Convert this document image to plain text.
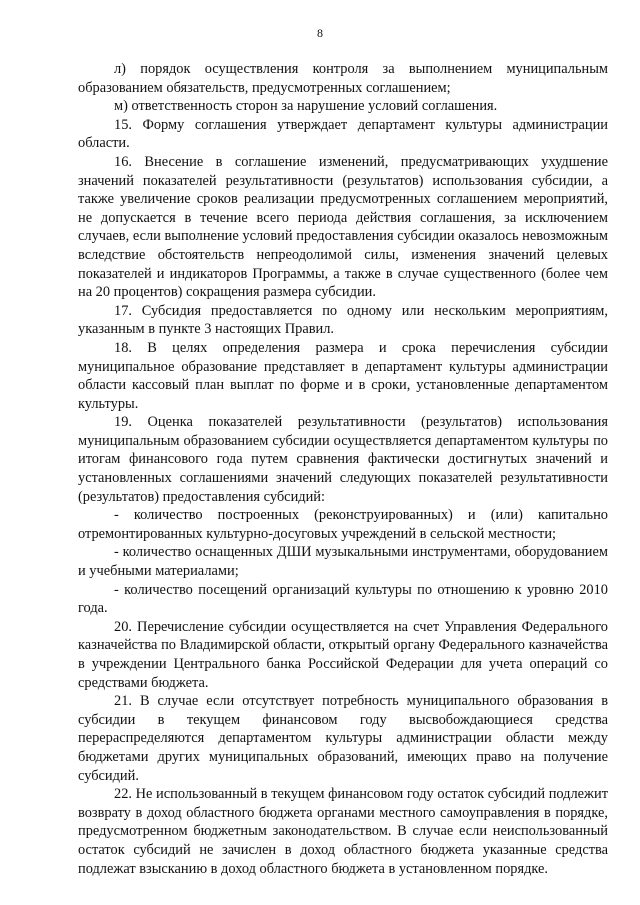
8

л) порядок осуществления контроля за выполнением муниципальным образованием обязательств, предусмотренных соглашением;

м) ответственность сторон за нарушение условий соглашения.

15. Форму соглашения утверждает департамент культуры администрации области.

16. Внесение в соглашение изменений, предусматривающих ухудшение значений показателей результативности (результатов) использования субсидии, а также увеличение сроков реализации предусмотренных соглашением мероприятий, не допускается в течение всего периода действия соглашения, за исключением случаев, если выполнение условий предоставления субсидии оказалось невозможным вследствие обстоятельств непреодолимой силы, изменения значений целевых показателей и индикаторов Программы, а также в случае существенного (более чем на 20 процентов) сокращения размера субсидии.

17. Субсидия предоставляется по одному или нескольким мероприятиям, указанным в пункте 3 настоящих Правил.

18. В целях определения размера и срока перечисления субсидии муниципальное образование представляет в департамент культуры администрации области кассовый план выплат по форме и в сроки, установленные департаментом культуры.

19. Оценка показателей результативности (результатов) использования муниципальным образованием субсидии осуществляется департаментом культуры по итогам финансового года путем сравнения фактически достигнутых значений и установленных соглашениями значений следующих показателей результативности (результатов) предоставления субсидий:

- количество построенных (реконструированных) и (или) капитально отремонтированных культурно-досуговых учреждений в сельской местности;

- количество оснащенных ДШИ музыкальными инструментами, оборудованием и учебными материалами;

- количество посещений организаций культуры по отношению к уровню 2010 года.

20. Перечисление субсидии осуществляется на счет Управления Федерального казначейства по Владимирской области, открытый органу Федерального казначейства в учреждении Центрального банка Российской Федерации для учета операций со средствами бюджета.

21. В случае если отсутствует потребность муниципального образования в субсидии в текущем финансовом году высвобождающиеся средства перераспределяются департаментом культуры администрации области между бюджетами других муниципальных образований, имеющих право на получение субсидий.

22. Не использованный в текущем финансовом году остаток субсидий подлежит возврату в доход областного бюджета органами местного самоуправления в порядке, предусмотренном бюджетным законодательством. В случае если неиспользованный остаток субсидий не зачислен в доход областного бюджета указанные средства подлежат взысканию в доход областного бюджета в установленном порядке.
